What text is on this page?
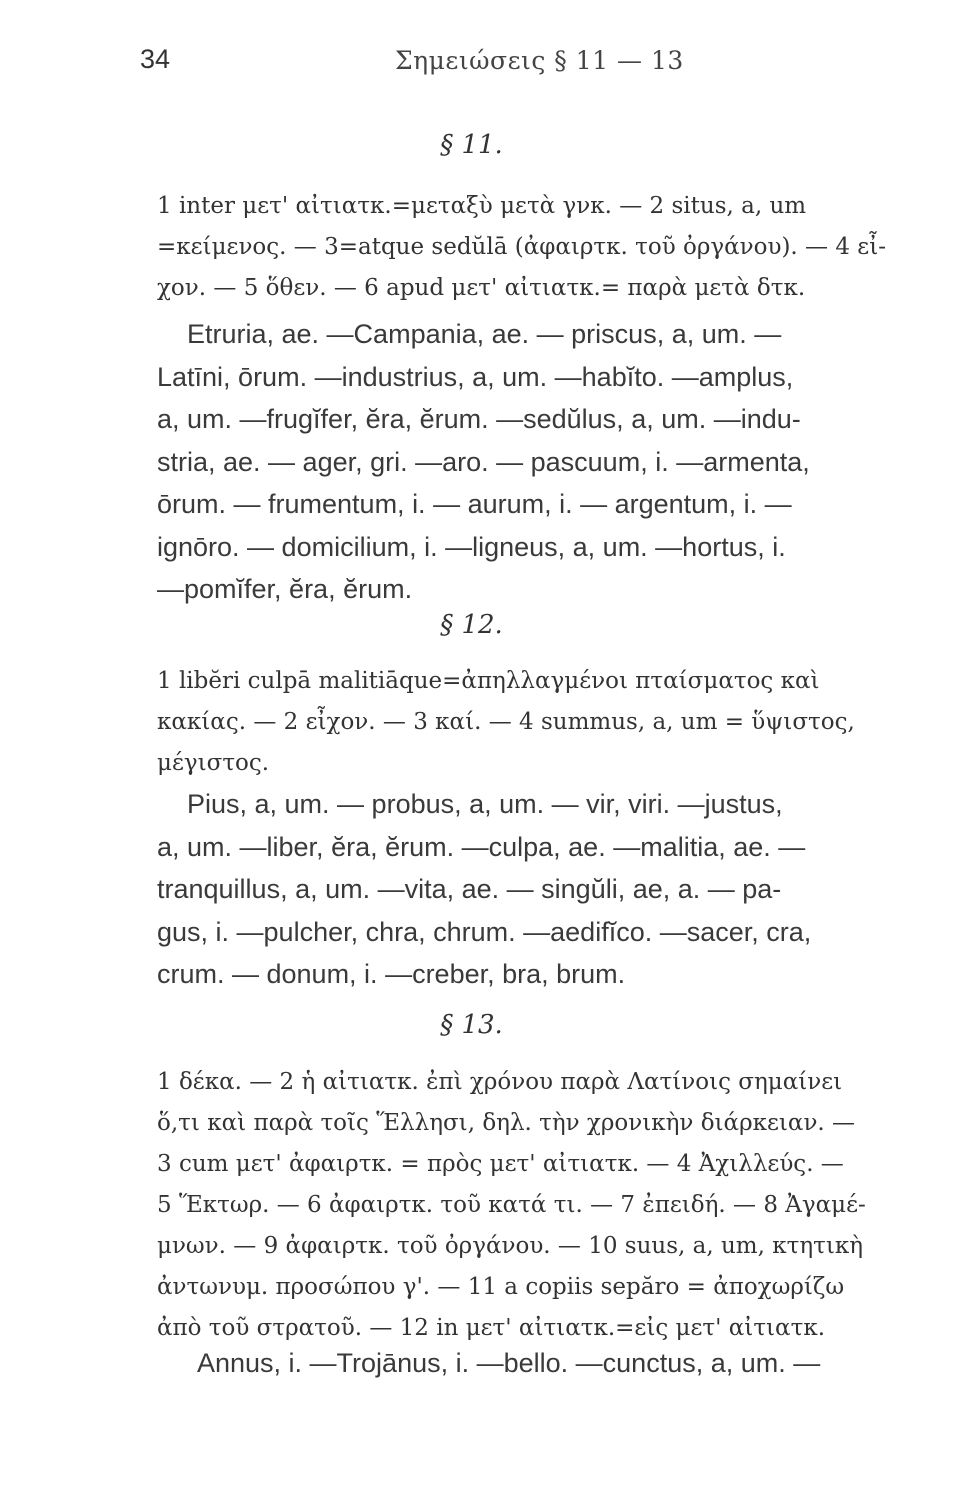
34	Σημειώσεις § 11 — 13
§ 11.
1 inter μετ' αἰτιατκ.=μεταξὺ μετὰ γνκ. — 2 situs, a, um
=κείμενος. — 3=atque sedŭlā (ἀφαιρτκ. τοῦ ὀργάνου). — 4 εἶ-
χον. — 5 ὅθεν. — 6 apud μετ' αἰτιατκ.= παρὰ μετὰ δτκ.
Etruria, ae. —Campania, ae. — priscus, a, um. —
Latīni, ōrum. —industrius, a, um. —habĭto. —amplus,
a, um. —frugĭfer, ĕra, ĕrum. —sedŭlus, a, um. —indu-
stria, ae. — ager, gri. —aro. — pascuum, i. —armenta,
ōrum. — frumentum, i. — aurum, i. — argentum, i. —
ignōro. — domicilium, i. —ligneus, a, um. —hortus, i.
—pomĭfer, ĕra, ĕrum.
§ 12.
1 libĕri culpā malitiāque=ἀπηλλαγμένοι πταίσματος καὶ
κακίας. — 2 εἶχον. — 3 καί. — 4 summus, a, um = ὕψιστος,
μέγιστος.
Pius, a, um. — probus, a, um. — vir, viri. —justus,
a, um. —liber, ĕra, ĕrum. —culpa, ae. —malitia, ae. —
tranquillus, a, um. —vita, ae. — singŭli, ae, a. — pa-
gus, i. —pulcher, chra, chrum. —aedifĭco. —sacer, cra,
crum. — donum, i. —creber, bra, brum.
§ 13.
1 δέκα. — 2 ἡ αἰτιατκ. ἐπὶ χρόνου παρὰ Λατίνοις σημαίνει
ὅ,τι καὶ παρὰ τοῖς Ἕλλησι, δηλ. τὴν χρονικὴν διάρκειαν. —
3 cum μετ' ἀφαιρτκ. = πρὸς μετ' αἰτιατκ. — 4 Ἀχιλλεύς. —
5 Ἕκτωρ. — 6 ἀφαιρτκ. τοῦ κατά τι. — 7 ἐπειδή. — 8 Ἀγαμέ-
μνων. — 9 ἀφαιρτκ. τοῦ ὀργάνου. — 10 suus, a, um, κτητικὴ
ἀντωνυμ. προσώπου γ'. — 11 a copiis sepăro = ἀποχωρίζω
ἀπὸ τοῦ στρατοῦ. — 12 in μετ' αἰτιατκ.=εἰς μετ' αἰτιατκ.
Annus, i. —Trojānus, i. —bello. —cunctus, a, um. —
